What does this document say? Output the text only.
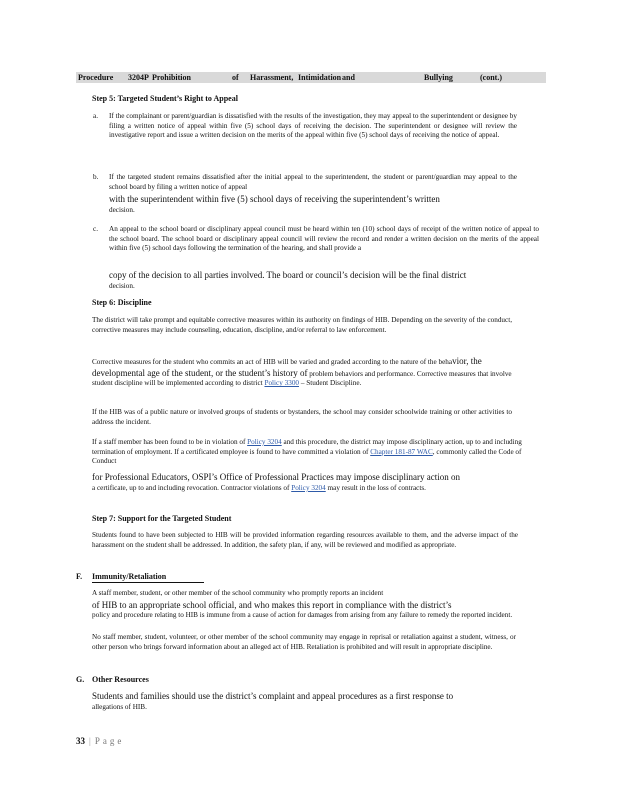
Procedure	3204P Prohibition	of	Harassment, Intimidation and	Bullying	(cont.)
Step 5: Targeted Student’s Right to Appeal
a. If the complainant or parent/guardian is dissatisfied with the results of the investigation, they may appeal to the superintendent or designee by filing a written notice of appeal within five (5) school days of receiving the decision. The superintendent or designee will review the investigative report and issue a written decision on the merits of the appeal within five (5) school days of receiving the notice of appeal.
b. If the targeted student remains dissatisfied after the initial appeal to the superintendent, the student or parent/guardian may appeal to the school board by filing a written notice of appeal
with the superintendent within five (5) school days of receiving the superintendent’s written
decision.
c. An appeal to the school board or disciplinary appeal council must be heard within ten (10) school days of receipt of the written notice of appeal to the school board. The school board or disciplinary appeal council will review the record and render a written decision on the merits of the appeal within five (5) school days following the termination of the hearing, and shall provide a
copy of the decision to all parties involved. The board or council’s decision will be the final district
decision.
Step 6: Discipline
The district will take prompt and equitable corrective measures within its authority on findings of HIB. Depending on the severity of the conduct, corrective measures may include counseling, education, discipline, and/or referral to law enforcement.
Corrective measures for the student who commits an act of HIB will be varied and graded according to the nature of the behavior, the developmental age of the student, or the student’s history of problem behaviors and performance. Corrective measures that involve student discipline will be implemented according to district Policy 3300 – Student Discipline.
If the HIB was of a public nature or involved groups of students or bystanders, the school may consider schoolwide training or other activities to address the incident.
If a staff member has been found to be in violation of Policy 3204 and this procedure, the district may impose disciplinary action, up to and including termination of employment. If a certificated employee is found to have committed a violation of Chapter 181-87 WAC, commonly called the Code of Conduct
for Professional Educators, OSPI’s Office of Professional Practices may impose disciplinary action on
a certificate, up to and including revocation. Contractor violations of Policy 3204 may result in the loss of contracts.
Step 7: Support for the Targeted Student
Students found to have been subjected to HIB will be provided information regarding resources available to them, and the adverse impact of the harassment on the student shall be addressed. In addition, the safety plan, if any, will be reviewed and modified as appropriate.
F. Immunity/Retaliation
A staff member, student, or other member of the school community who promptly reports an incident
of HIB to an appropriate school official, and who makes this report in compliance with the district’s
policy and procedure relating to HIB is immune from a cause of action for damages from arising from any failure to remedy the reported incident.
No staff member, student, volunteer, or other member of the school community may engage in reprisal or retaliation against a student, witness, or other person who brings forward information about an alleged act of HIB. Retaliation is prohibited and will result in appropriate discipline.
G. Other Resources
Students and families should use the district’s complaint and appeal procedures as a first response to
allegations of HIB.
33 | Page
